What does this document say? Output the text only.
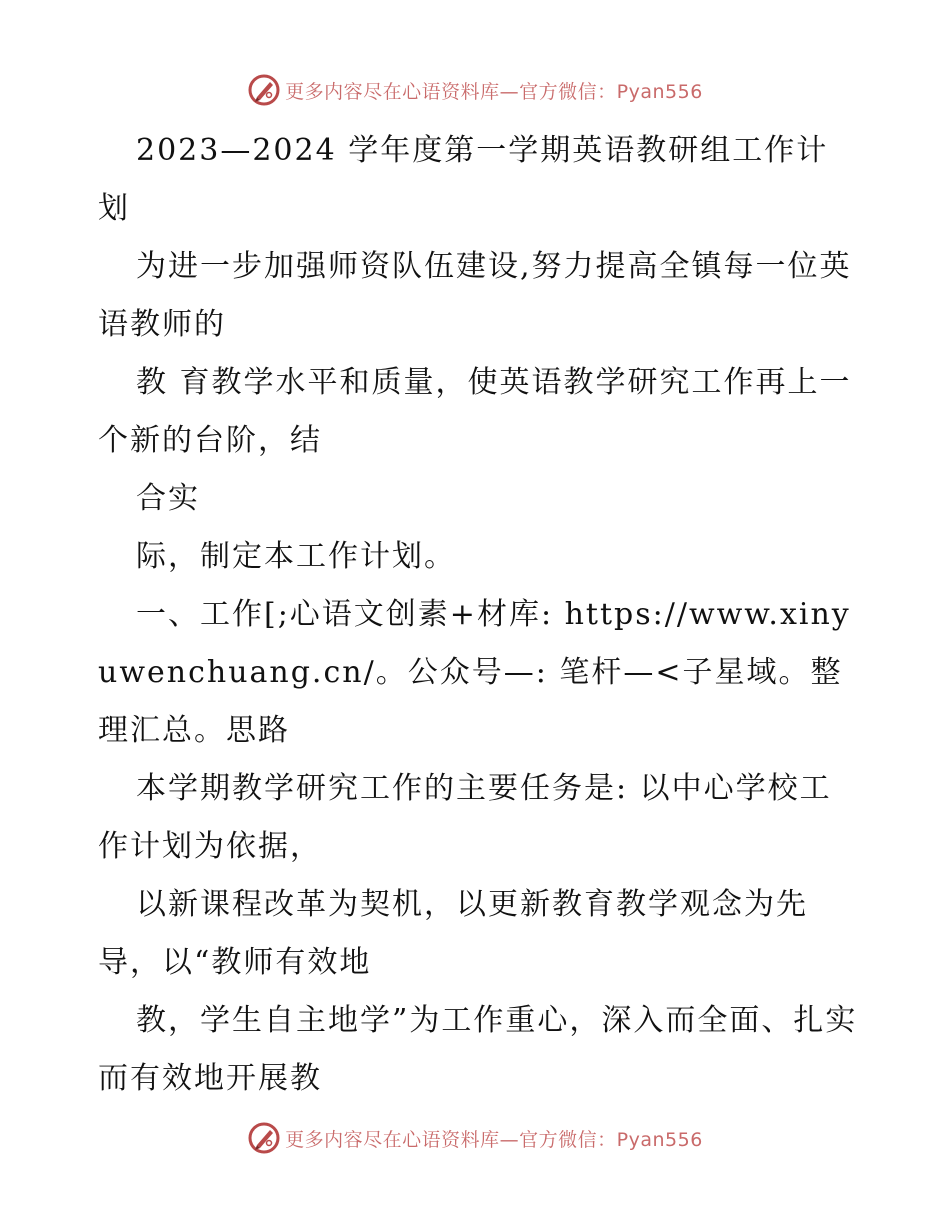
更多内容尽在心语资料库—官方微信：Pyan556

2023—2024 学年度第一学期英语教研组工作计划

为进一步加强师资队伍建设,努力提高全镇每一位英语教师的

教 育教学水平和质量，使英语教学研究工作再上一个新的台阶，结

合实

际，制定本工作计划。

一、工作[;心语文创素+材库: https://www.xinyuwenchuang.cn/。公众号—: 笔杆—<子星域。整理汇总。思路

本学期教学研究工作的主要任务是: 以中心学校工作计划为依据，

以新课程改革为契机，以更新教育教学观念为先导，以“教师有效地

教，学生自主地学”为工作重心，深入而全面、扎实而有效地开展教

更多内容尽在心语资料库—官方微信：Pyan556
